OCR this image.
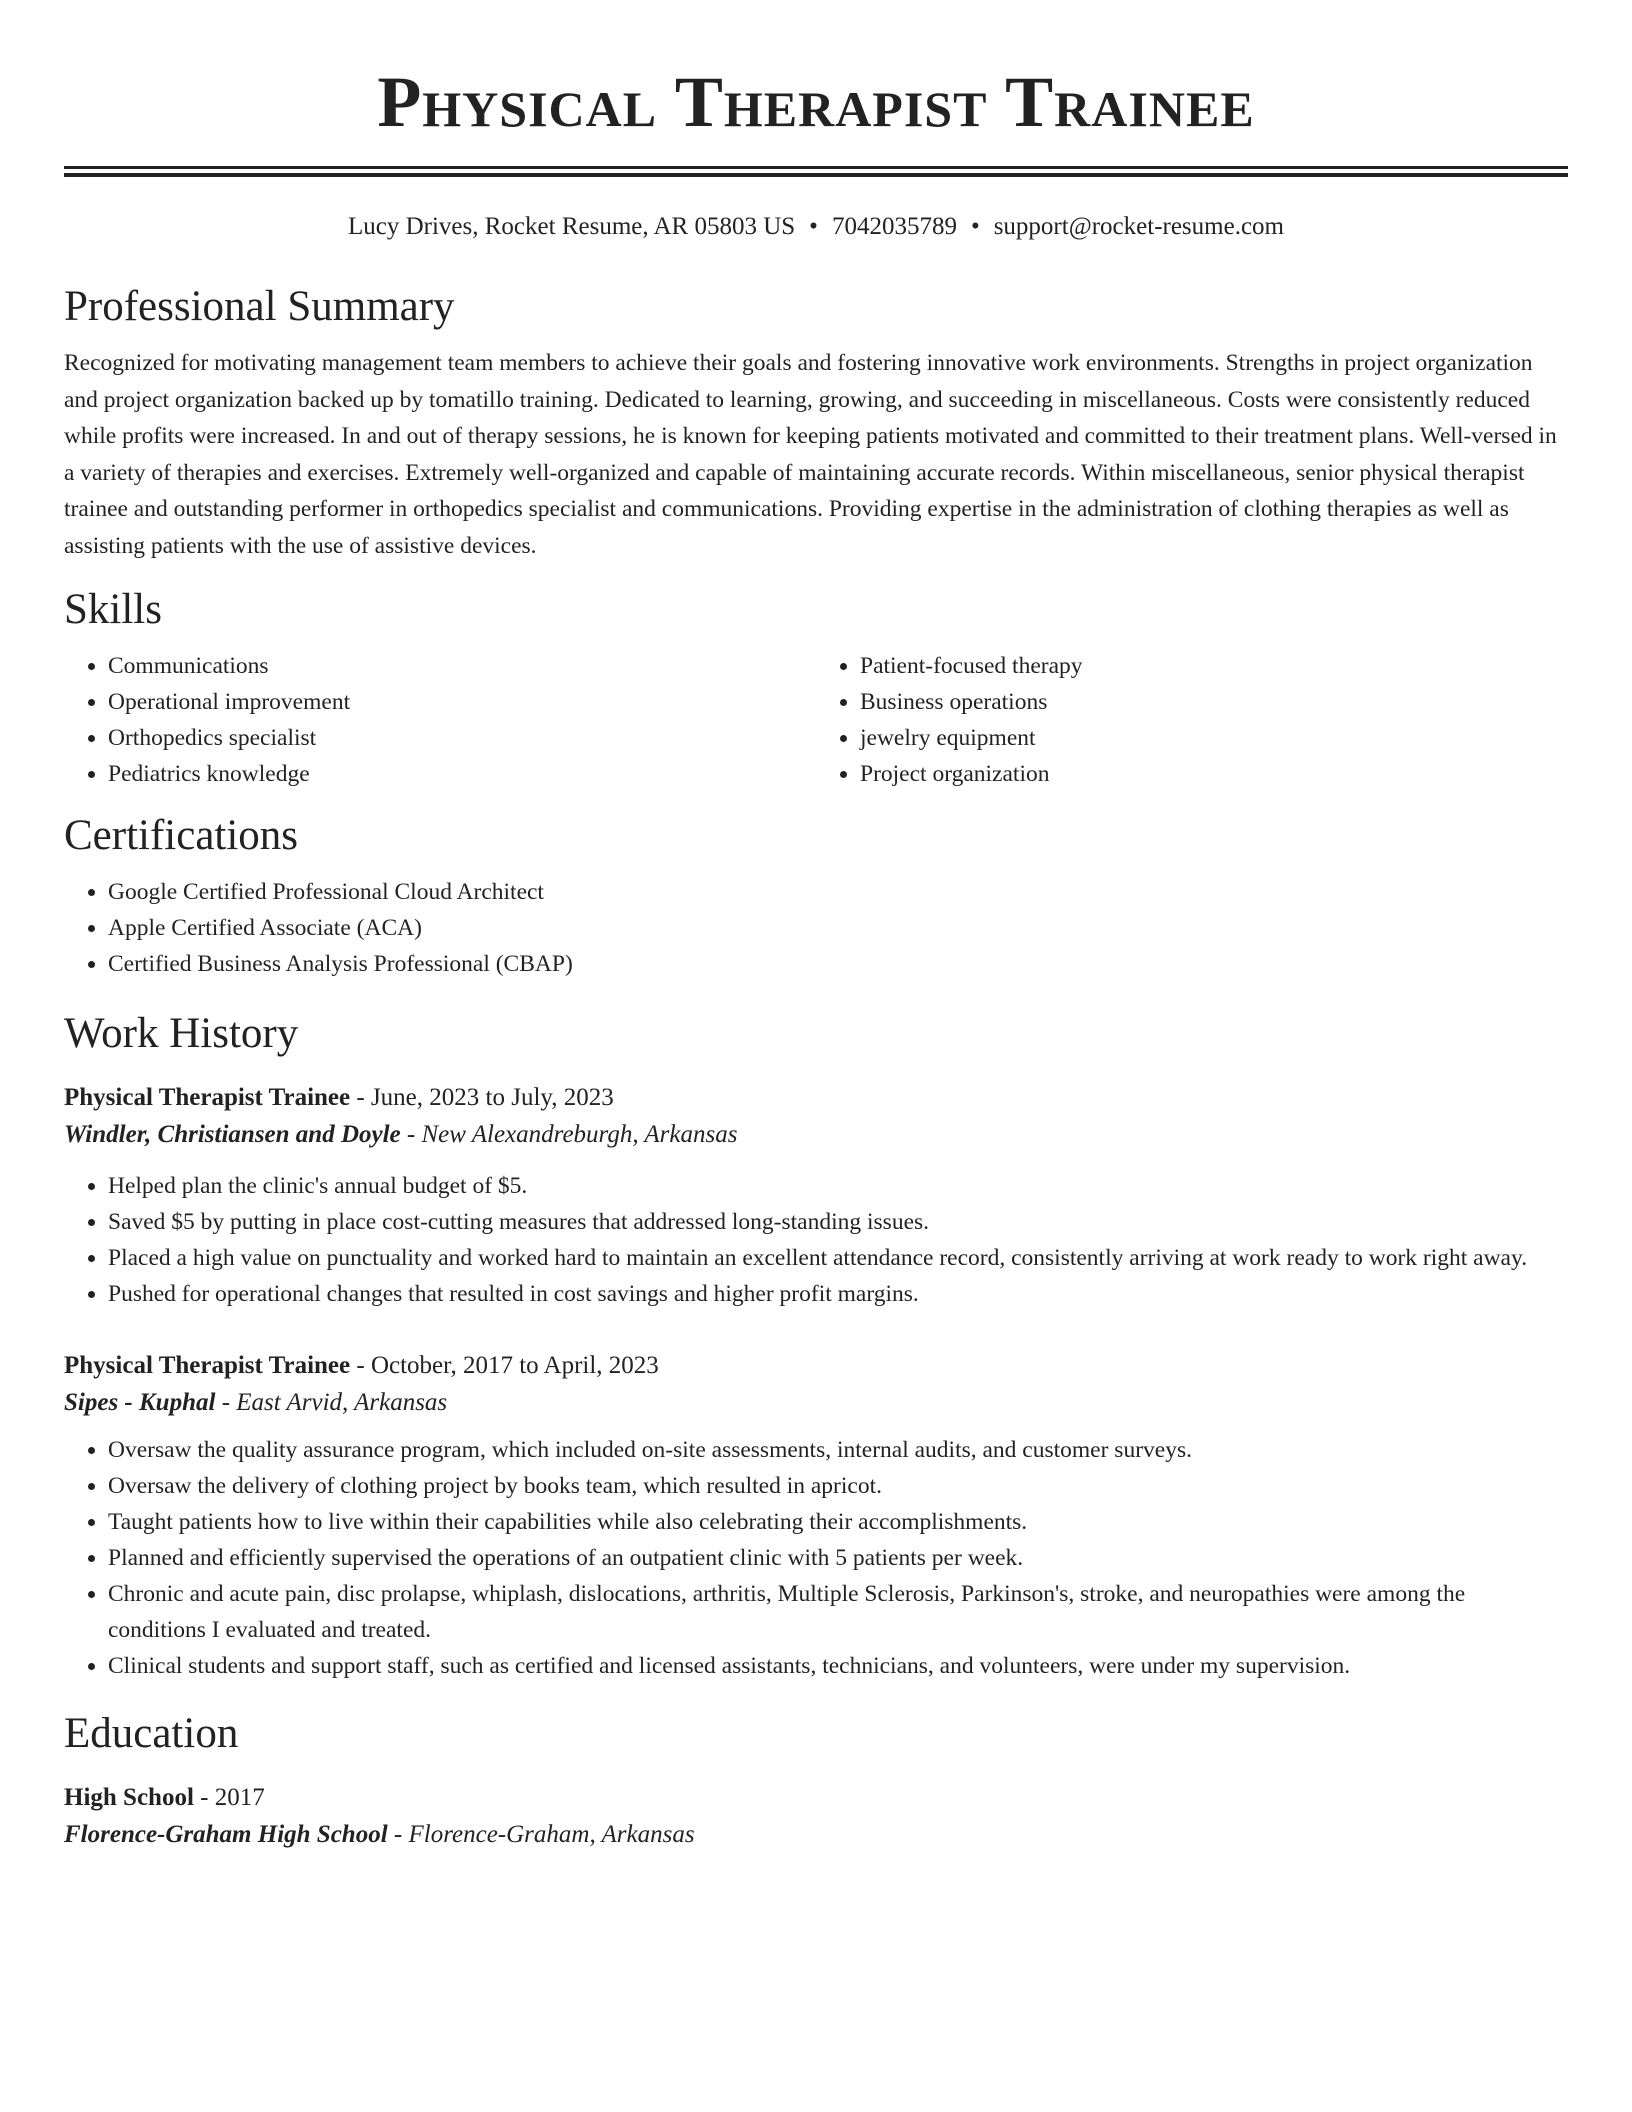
Physical Therapist Trainee
Lucy Drives, Rocket Resume, AR 05803 US • 7042035789 • support@rocket-resume.com
Professional Summary
Recognized for motivating management team members to achieve their goals and fostering innovative work environments. Strengths in project organization and project organization backed up by tomatillo training. Dedicated to learning, growing, and succeeding in miscellaneous. Costs were consistently reduced while profits were increased. In and out of therapy sessions, he is known for keeping patients motivated and committed to their treatment plans. Well-versed in a variety of therapies and exercises. Extremely well-organized and capable of maintaining accurate records. Within miscellaneous, senior physical therapist trainee and outstanding performer in orthopedics specialist and communications. Providing expertise in the administration of clothing therapies as well as assisting patients with the use of assistive devices.
Skills
• Communications
• Operational improvement
• Orthopedics specialist
• Pediatrics knowledge
• Patient-focused therapy
• Business operations
• jewelry equipment
• Project organization
Certifications
• Google Certified Professional Cloud Architect
• Apple Certified Associate (ACA)
• Certified Business Analysis Professional (CBAP)
Work History
Physical Therapist Trainee - June, 2023 to July, 2023
Windler, Christiansen and Doyle - New Alexandreburgh, Arkansas
• Helped plan the clinic's annual budget of $5.
• Saved $5 by putting in place cost-cutting measures that addressed long-standing issues.
• Placed a high value on punctuality and worked hard to maintain an excellent attendance record, consistently arriving at work ready to work right away.
• Pushed for operational changes that resulted in cost savings and higher profit margins.
Physical Therapist Trainee - October, 2017 to April, 2023
Sipes - Kuphal - East Arvid, Arkansas
• Oversaw the quality assurance program, which included on-site assessments, internal audits, and customer surveys.
• Oversaw the delivery of clothing project by books team, which resulted in apricot.
• Taught patients how to live within their capabilities while also celebrating their accomplishments.
• Planned and efficiently supervised the operations of an outpatient clinic with 5 patients per week.
• Chronic and acute pain, disc prolapse, whiplash, dislocations, arthritis, Multiple Sclerosis, Parkinson's, stroke, and neuropathies were among the conditions I evaluated and treated.
• Clinical students and support staff, such as certified and licensed assistants, technicians, and volunteers, were under my supervision.
Education
High School - 2017
Florence-Graham High School - Florence-Graham, Arkansas
